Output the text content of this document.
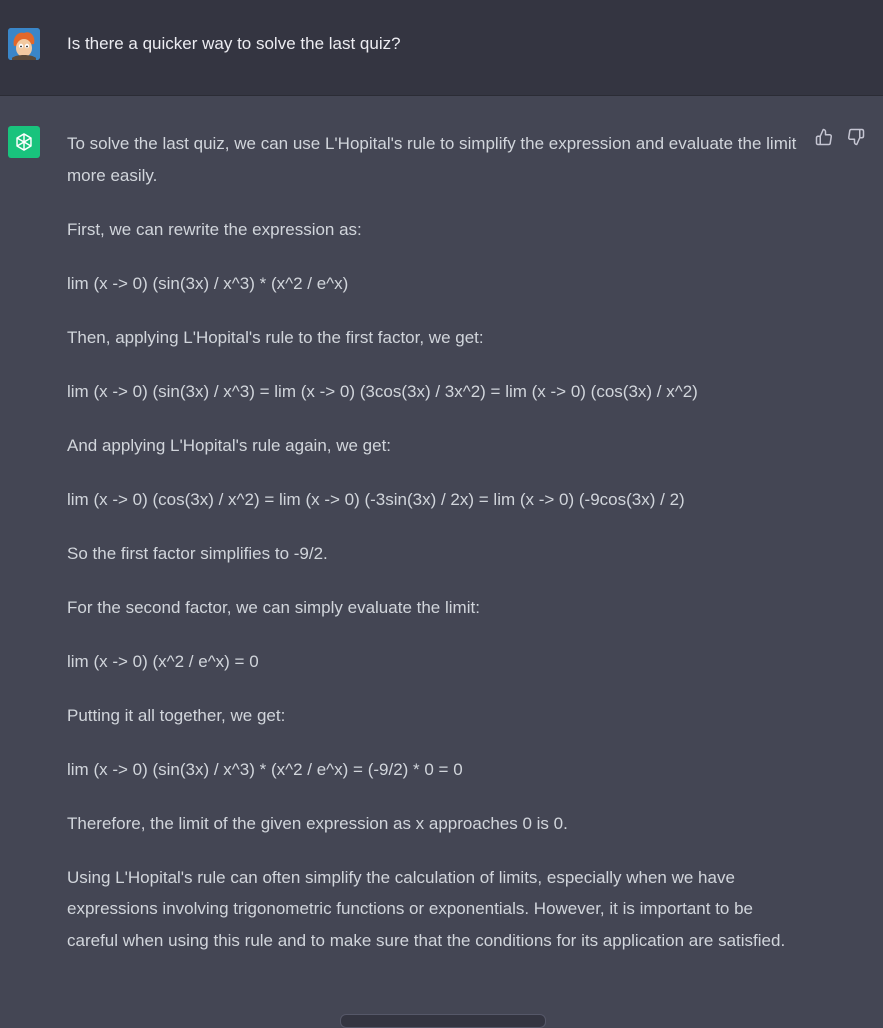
Is there a quicker way to solve the last quiz?

To solve the last quiz, we can use L'Hopital's rule to simplify the expression and evaluate the limit more easily.

First, we can rewrite the expression as:

lim (x -> 0) (sin(3x) / x^3) * (x^2 / e^x)

Then, applying L'Hopital's rule to the first factor, we get:

lim (x -> 0) (sin(3x) / x^3) = lim (x -> 0) (3cos(3x) / 3x^2) = lim (x -> 0) (cos(3x) / x^2)

And applying L'Hopital's rule again, we get:

lim (x -> 0) (cos(3x) / x^2) = lim (x -> 0) (-3sin(3x) / 2x) = lim (x -> 0) (-9cos(3x) / 2)

So the first factor simplifies to -9/2.

For the second factor, we can simply evaluate the limit:

lim (x -> 0) (x^2 / e^x) = 0

Putting it all together, we get:

lim (x -> 0) (sin(3x) / x^3) * (x^2 / e^x) = (-9/2) * 0 = 0

Therefore, the limit of the given expression as x approaches 0 is 0.

Using L'Hopital's rule can often simplify the calculation of limits, especially when we have expressions involving trigonometric functions or exponentials. However, it is important to be careful when using this rule and to make sure that the conditions for its application are satisfied.
